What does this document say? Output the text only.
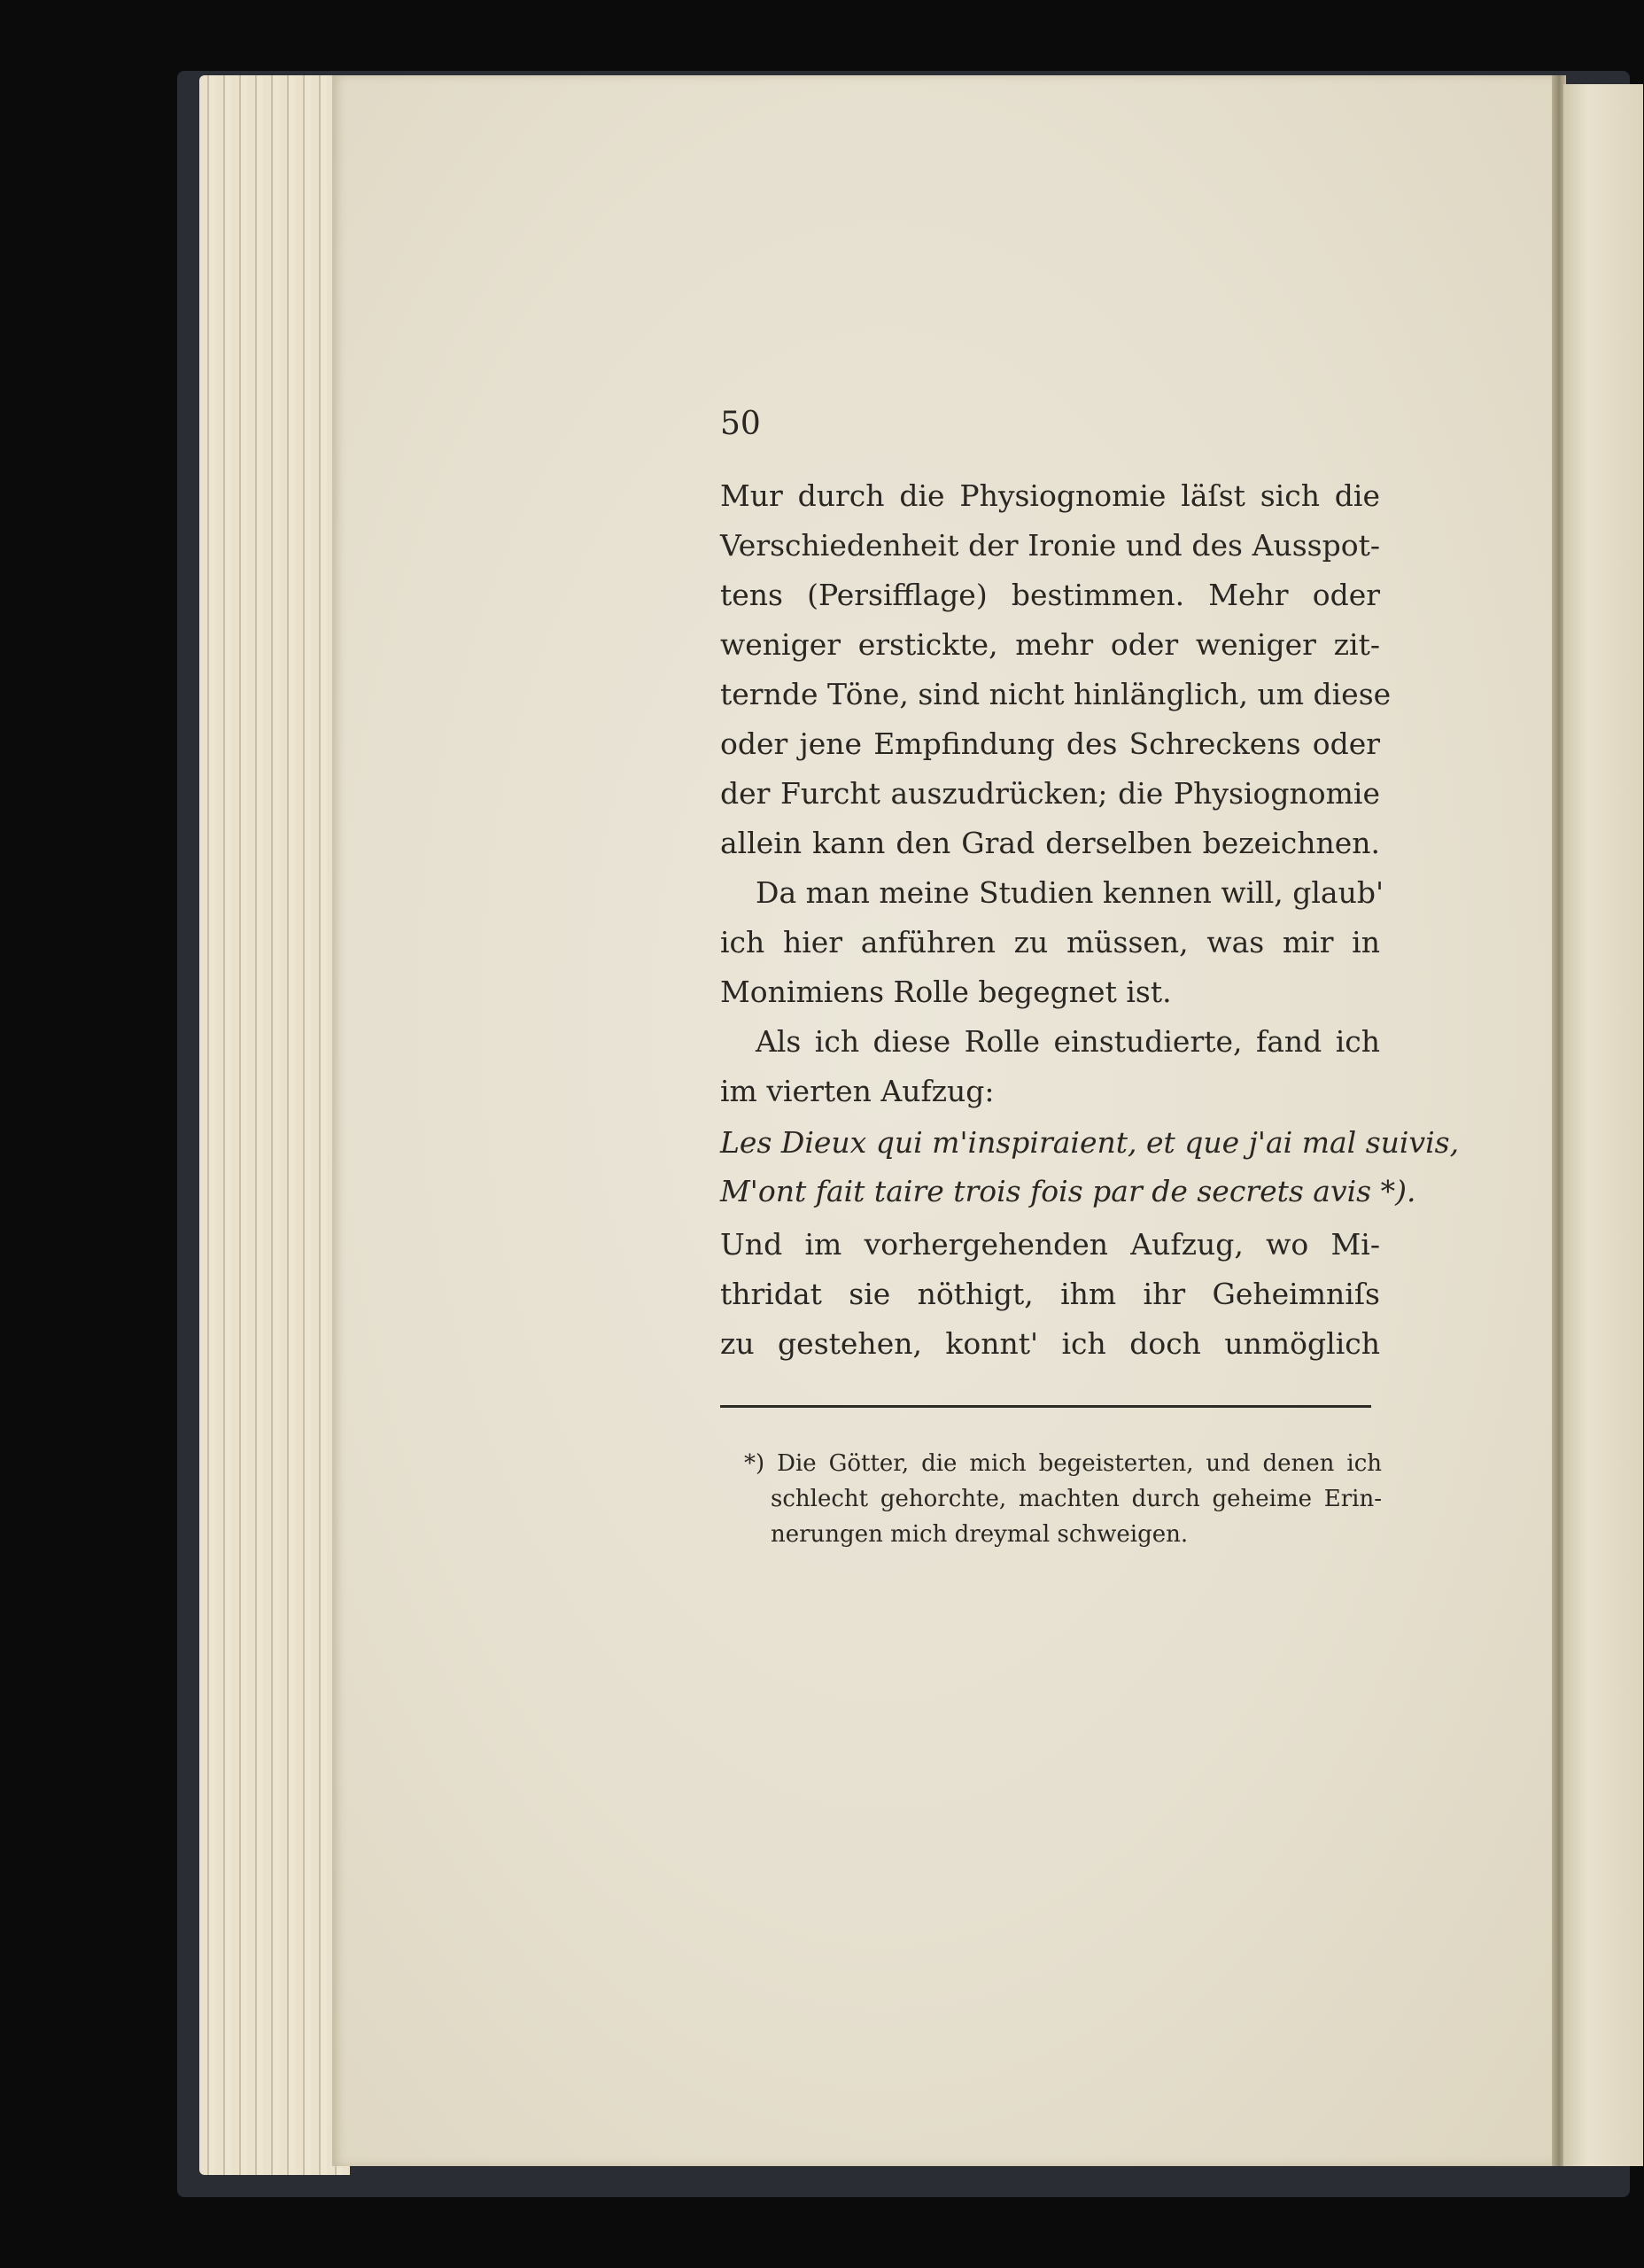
50
Mur durch die Physiognomie läſst sich die
Verschiedenheit der Ironie und des Ausspot-
tens (Persifflage) bestimmen. Mehr oder
weniger erstickte, mehr oder weniger zit-
ternde Töne, sind nicht hinlänglich, um diese
oder jene Empfindung des Schreckens oder
der Furcht auszudrücken; die Physiognomie
allein kann den Grad derselben bezeichnen.
Da man meine Studien kennen will, glaub'
ich hier anführen zu müssen, was mir in
Monimiens Rolle begegnet ist.
Als ich diese Rolle einstudierte, fand ich
im vierten Aufzug:
Les Dieux qui m'inspiraient, et que j'ai mal suivis,
M'ont fait taire trois fois par de secrets avis *).
Und im vorhergehenden Aufzug, wo Mi-
thridat sie nöthigt, ihm ihr Geheimniſs
zu gestehen, konnt' ich doch unmöglich
*) Die Götter, die mich begeisterten, und denen ich
schlecht gehorchte, machten durch geheime Erin-
nerungen mich dreymal schweigen.
